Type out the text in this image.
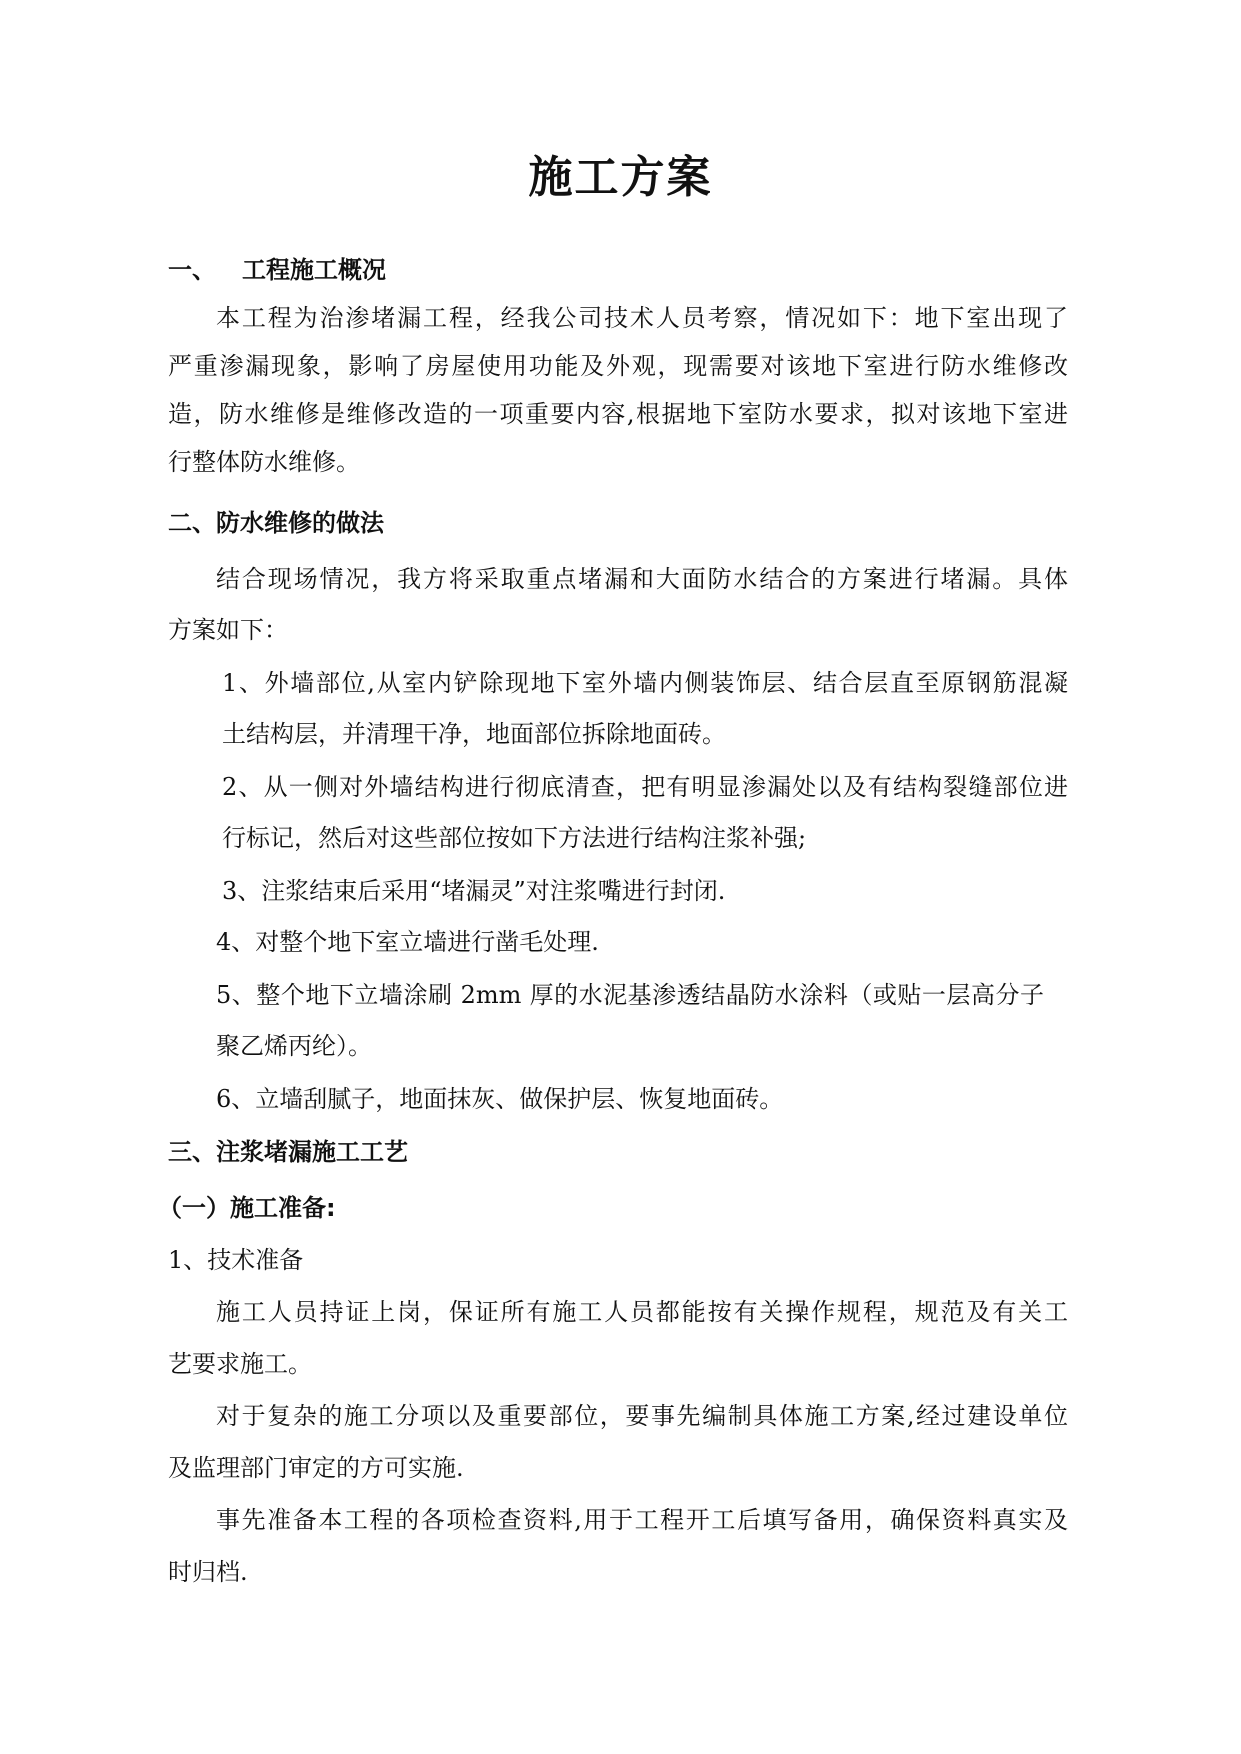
施工方案
一、 工程施工概况
本工程为治渗堵漏工程，经我公司技术人员考察，情况如下：地下室出现了
严重渗漏现象，影响了房屋使用功能及外观，现需要对该地下室进行防水维修改
造，防水维修是维修改造的一项重要内容,根据地下室防水要求，拟对该地下室进
行整体防水维修。
二、防水维修的做法
结合现场情况，我方将采取重点堵漏和大面防水结合的方案进行堵漏。具体
方案如下：
1、外墙部位,从室内铲除现地下室外墙内侧装饰层、结合层直至原钢筋混凝
土结构层，并清理干净，地面部位拆除地面砖。
2、从一侧对外墙结构进行彻底清查，把有明显渗漏处以及有结构裂缝部位进
行标记，然后对这些部位按如下方法进行结构注浆补强;
3、注浆结束后采用“堵漏灵”对注浆嘴进行封闭.
4、对整个地下室立墙进行凿毛处理.
5、整个地下立墙涂刷 2mm 厚的水泥基渗透结晶防水涂料（或贴一层高分子
聚乙烯丙纶）。
6、立墙刮腻子，地面抹灰、做保护层、恢复地面砖。
三、注浆堵漏施工工艺
（一）施工准备:
1、技术准备
施工人员持证上岗，保证所有施工人员都能按有关操作规程，规范及有关工
艺要求施工。
对于复杂的施工分项以及重要部位，要事先编制具体施工方案,经过建设单位
及监理部门审定的方可实施.
事先准备本工程的各项检查资料,用于工程开工后填写备用，确保资料真实及
时归档.
